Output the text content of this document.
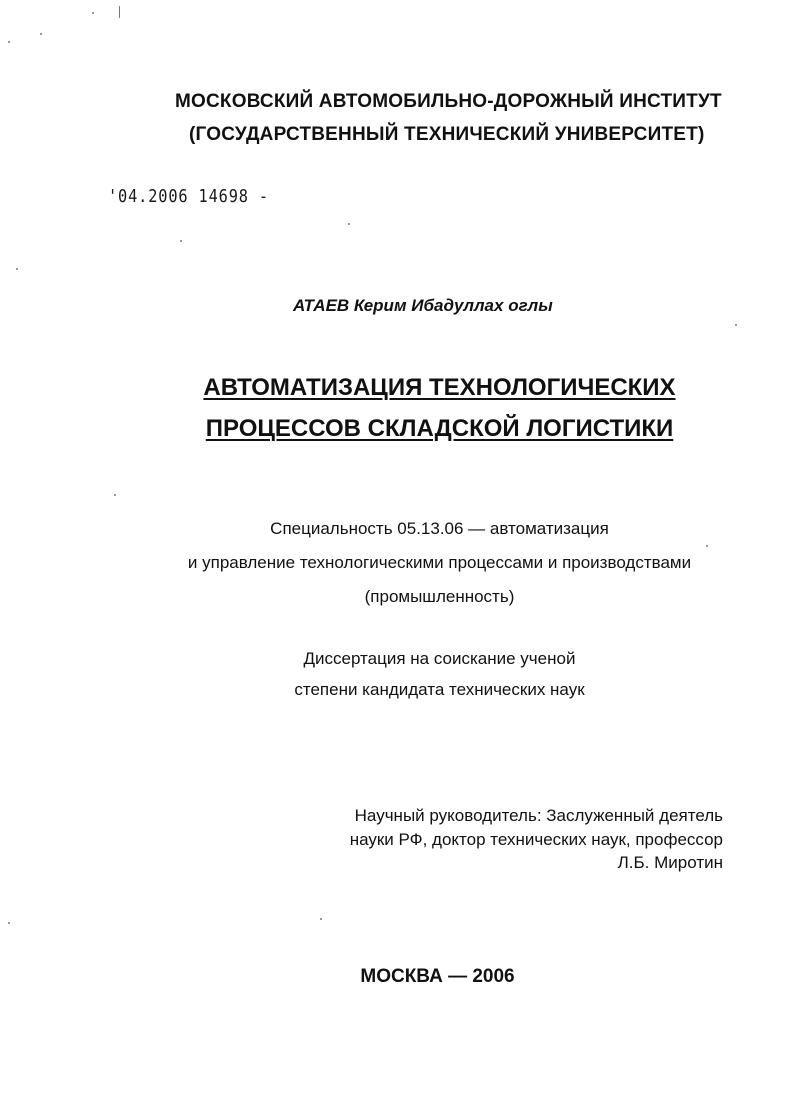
МОСКОВСКИЙ АВТОМОБИЛЬНО-ДОРОЖНЫЙ ИНСТИТУТ
(ГОСУДАРСТВЕННЫЙ ТЕХНИЧЕСКИЙ УНИВЕРСИТЕТ)
'04.2006 14698 -
АТАЕВ Керим Ибадуллах оглы
АВТОМАТИЗАЦИЯ ТЕХНОЛОГИЧЕСКИХ
ПРОЦЕССОВ СКЛАДСКОЙ ЛОГИСТИКИ
Специальность 05.13.06 — автоматизация
и управление технологическими процессами и производствами
(промышленность)
Диссертация на соискание ученой
степени кандидата технических наук
Научный руководитель: Заслуженный деятель
науки РФ, доктор технических наук, профессор
Л.Б. Миротин
МОСКВА — 2006
